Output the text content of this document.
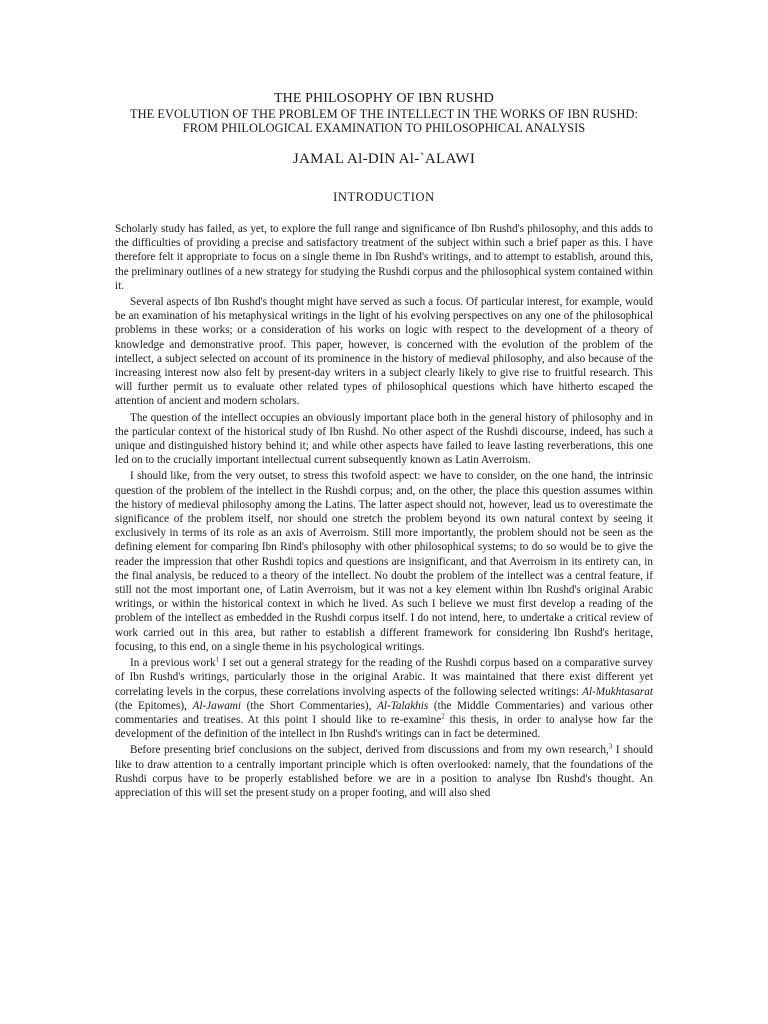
THE PHILOSOPHY OF IBN RUSHD
THE EVOLUTION OF THE PROBLEM OF THE INTELLECT IN THE WORKS OF IBN RUSHD:
FROM PHILOLOGICAL EXAMINATION TO PHILOSOPHICAL ANALYSIS
JAMAL Al-DIN Al-`ALAWI
INTRODUCTION

Scholarly study has failed, as yet, to explore the full range and significance of Ibn Rushd's philosophy, and this adds to the difficulties of providing a precise and satisfactory treatment of the subject within such a brief paper as this. I have therefore felt it appropriate to focus on a single theme in Ibn Rushd's writings, and to attempt to establish, around this, the preliminary outlines of a new strategy for studying the Rushdi corpus and the philosophical system contained within it.

Several aspects of Ibn Rushd's thought might have served as such a focus. Of particular interest, for example, would be an examination of his metaphysical writings in the light of his evolving perspectives on any one of the philosophical problems in these works; or a consideration of his works on logic with respect to the development of a theory of knowledge and demonstrative proof. This paper, however, is concerned with the evolution of the problem of the intellect, a subject selected on account of its prominence in the history of medieval philosophy, and also because of the increasing interest now also felt by present-day writers in a subject clearly likely to give rise to fruitful research. This will further permit us to evaluate other related types of philosophical questions which have hitherto escaped the attention of ancient and modern scholars.

The question of the intellect occupies an obviously important place both in the general history of philosophy and in the particular context of the historical study of Ibn Rushd. No other aspect of the Rushdi discourse, indeed, has such a unique and distinguished history behind it; and while other aspects have failed to leave lasting reverberations, this one led on to the crucially important intellectual current subsequently known as Latin Averroism.

I should like, from the very outset, to stress this twofold aspect: we have to consider, on the one hand, the intrinsic question of the problem of the intellect in the Rushdi corpus; and, on the other, the place this question assumes within the history of medieval philosophy among the Latins. The latter aspect should not, however, lead us to overestimate the significance of the problem itself, nor should one stretch the problem beyond its own natural context by seeing it exclusively in terms of its role as an axis of Averroism. Still more importantly, the problem should not be seen as the defining element for comparing Ibn Rind's philosophy with other philosophical systems; to do so would be to give the reader the impression that other Rushdi topics and questions are insignificant, and that Averroism in its entirety can, in the final analysis, be reduced to a theory of the intellect. No doubt the problem of the intellect was a central feature, if still not the most important one, of Latin Averroism, but it was not a key element within Ibn Rushd's original Arabic writings, or within the historical context in which he lived. As such I believe we must first develop a reading of the problem of the intellect as embedded in the Rushdi corpus itself. I do not intend, here, to undertake a critical review of work carried out in this area, but rather to establish a different framework for considering Ibn Rushd's heritage, focusing, to this end, on a single theme in his psychological writings.

In a previous work$^1$ I set out a general strategy for the reading of the Rushdi corpus based on a comparative survey of Ibn Rushd's writings, particularly those in the original Arabic. It was maintained that there exist different yet correlating levels in the corpus, these correlations involving aspects of the following selected writings: Al-Mukhtasarat (the Epitomes), Al-Jawami (the Short Commentaries), Al-Talakhis (the Middle Commentaries) and various other commentaries and treatises. At this point I should like to re-examine$^2$ this thesis, in order to analyse how far the development of the definition of the intellect in Ibn Rushd's writings can in fact be determined.

Before presenting brief conclusions on the subject, derived from discussions and from my own research,$^3$ I should like to draw attention to a centrally important principle which is often overlooked: namely, that the foundations of the Rushdi corpus have to be properly established before we are in a position to analyse Ibn Rushd's thought. An appreciation of this will set the present study on a proper footing, and will also shed
